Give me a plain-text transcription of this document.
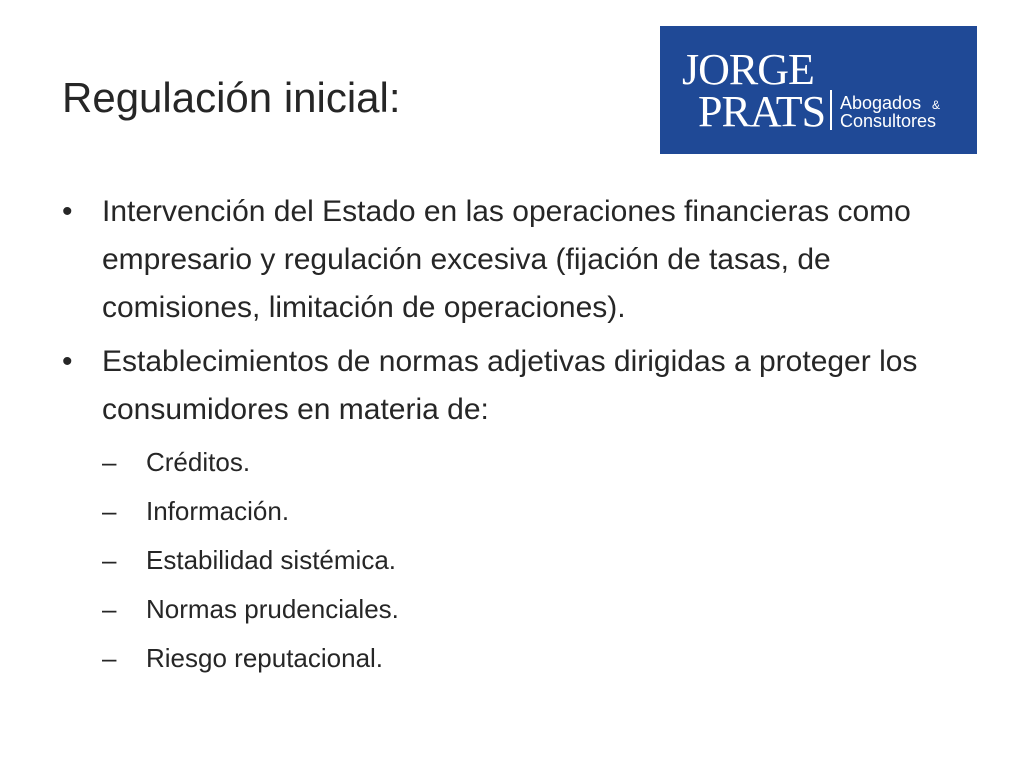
Regulación inicial:
JORGE
PRATS Abogados &
Consultores
• Intervención del Estado en las operaciones financieras como empresario y regulación excesiva (fijación de tasas, de comisiones, limitación de operaciones).
• Establecimientos de normas adjetivas dirigidas a proteger los consumidores en materia de:
– Créditos.
– Información.
– Estabilidad sistémica.
– Normas prudenciales.
– Riesgo reputacional.
